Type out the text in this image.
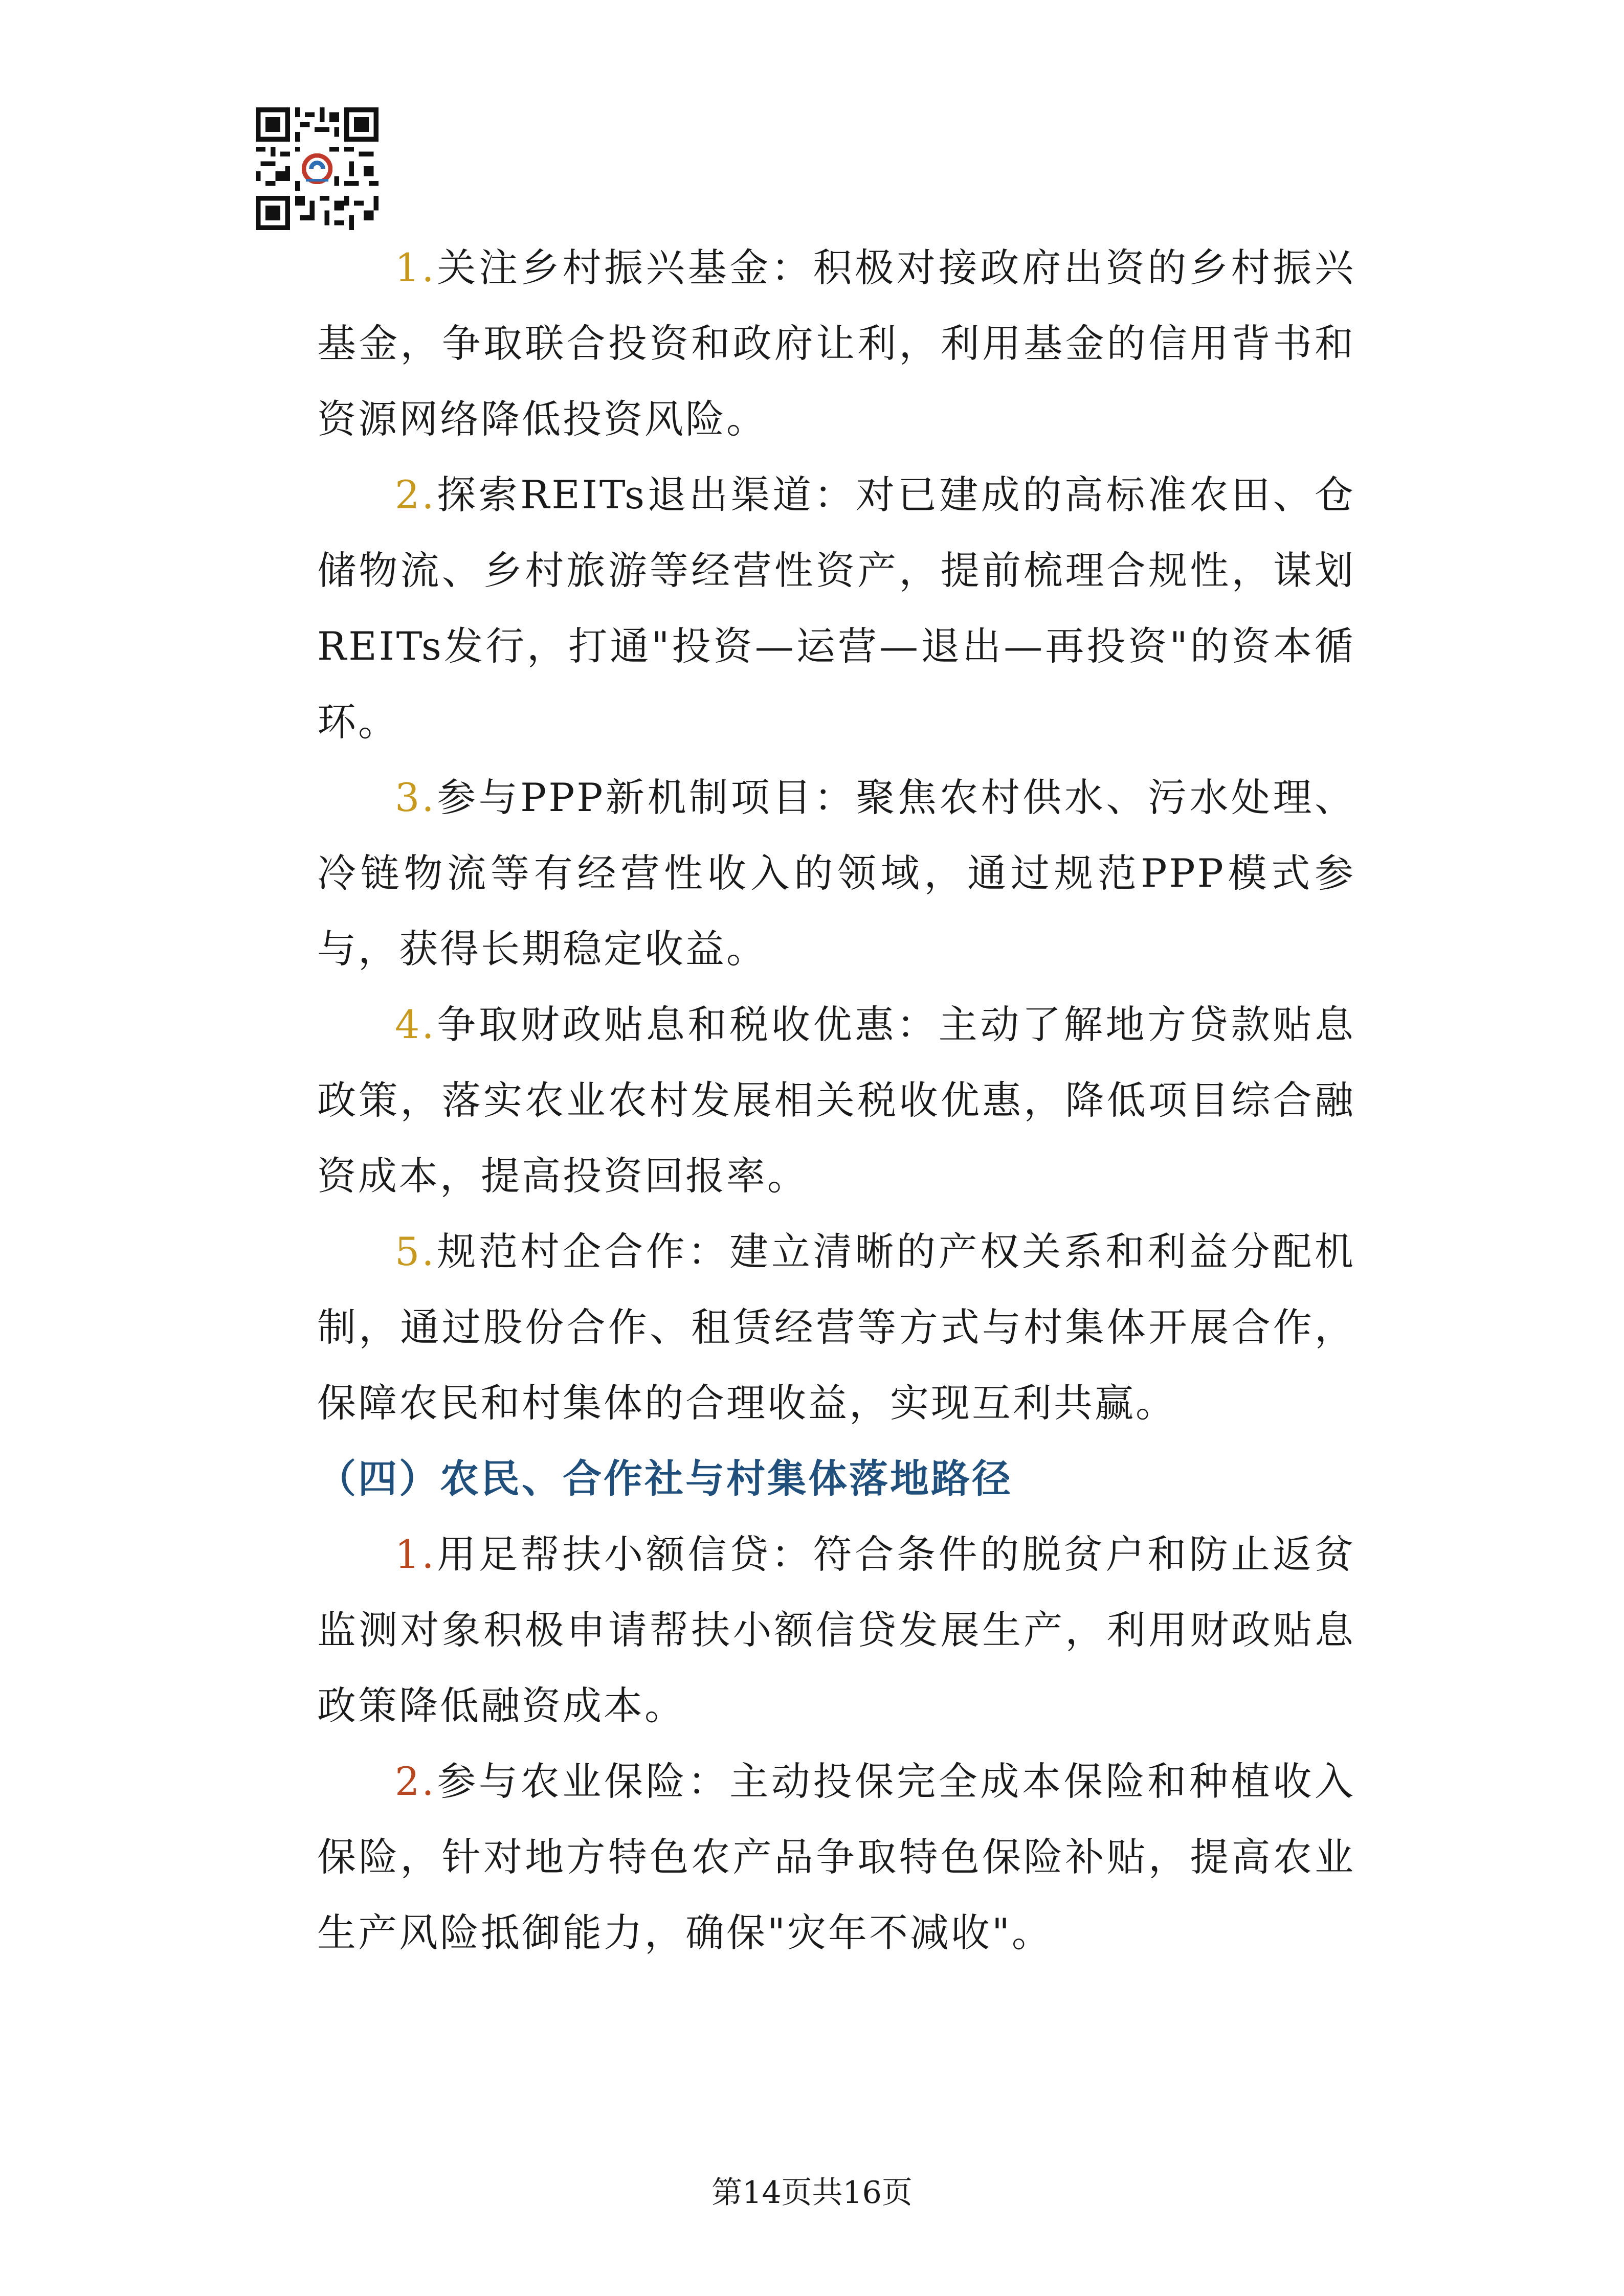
1.关注乡村振兴基金：积极对接政府出资的乡村振兴基金，争取联合投资和政府让利，利用基金的信用背书和资源网络降低投资风险。

2.探索REITs退出渠道：对已建成的高标准农田、仓储物流、乡村旅游等经营性资产，提前梳理合规性，谋划REITs发行，打通"投资—运营—退出—再投资"的资本循环。

3.参与PPP新机制项目：聚焦农村供水、污水处理、冷链物流等有经营性收入的领域，通过规范PPP模式参与，获得长期稳定收益。

4.争取财政贴息和税收优惠：主动了解地方贷款贴息政策，落实农业农村发展相关税收优惠，降低项目综合融资成本，提高投资回报率。

5.规范村企合作：建立清晰的产权关系和利益分配机制，通过股份合作、租赁经营等方式与村集体开展合作，保障农民和村集体的合理收益，实现互利共赢。

（四）农民、合作社与村集体落地路径

1.用足帮扶小额信贷：符合条件的脱贫户和防止返贫监测对象积极申请帮扶小额信贷发展生产，利用财政贴息政策降低融资成本。

2.参与农业保险：主动投保完全成本保险和种植收入保险，针对地方特色农产品争取特色保险补贴，提高农业生产风险抵御能力，确保"灾年不减收"。

第14页共16页
